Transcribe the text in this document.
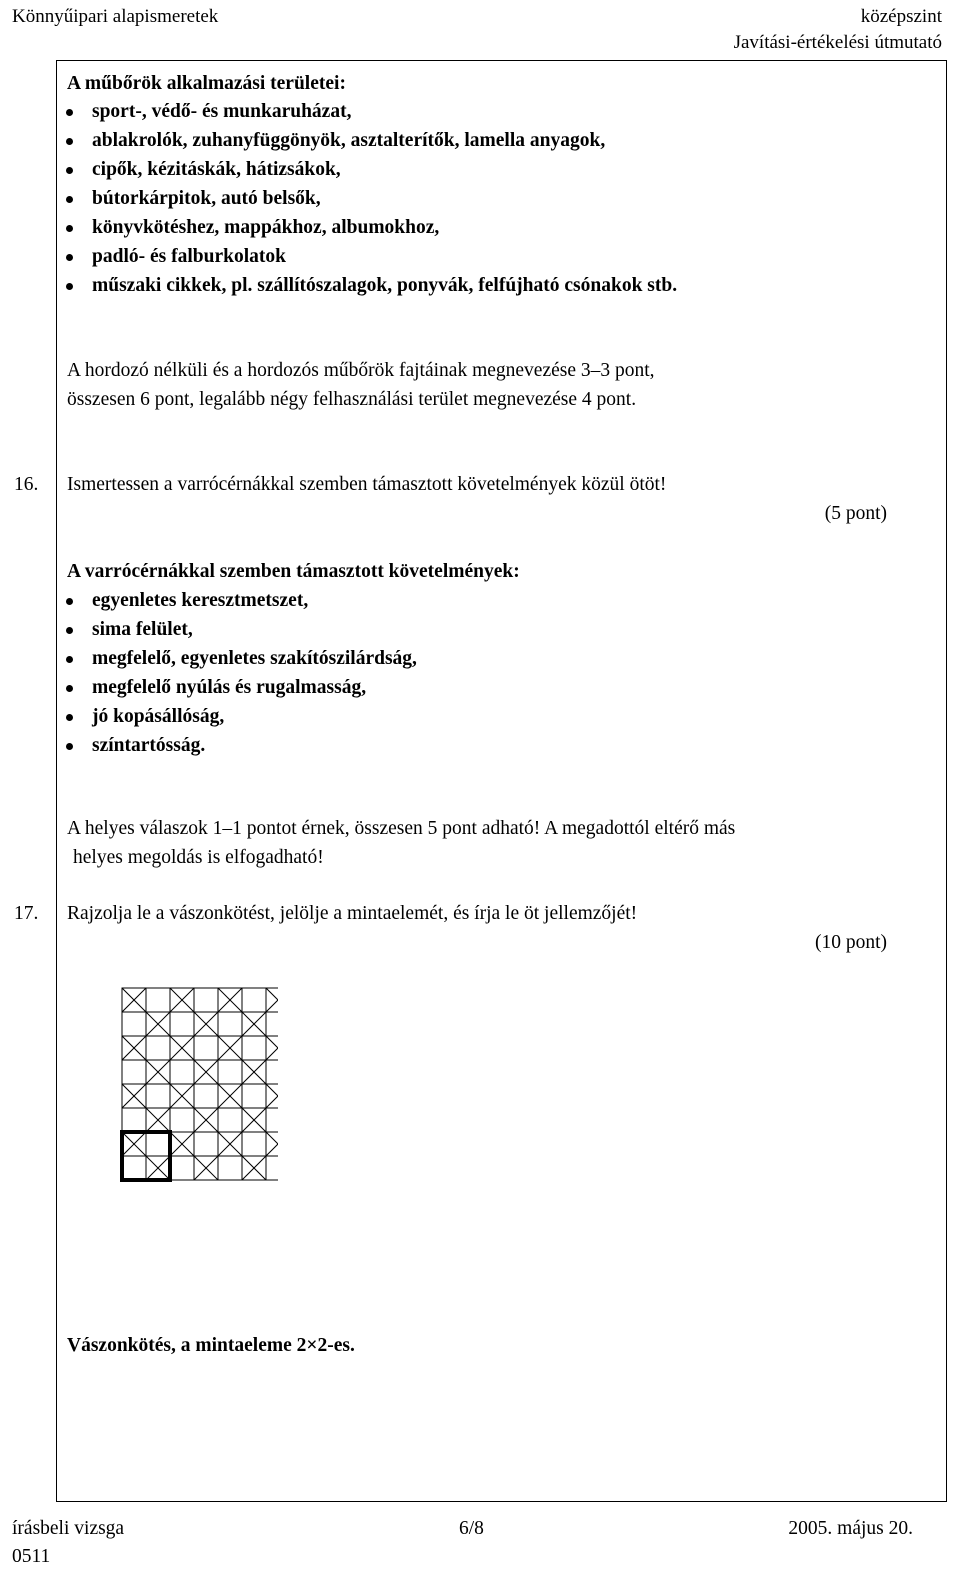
Könnyűipari alapismeretek	középszint
Javítási-értékelési útmutató
A műbőrök alkalmazási területei:
sport-, védő- és munkaruházat,
ablakrolók, zuhanyfüggönyök, asztalterítők, lamella anyagok,
cipők, kézitáskák, hátizsákok,
bútorkárpitok, autó belsők,
könyvkötéshez, mappákhoz, albumokhoz,
padló- és falburkolatok
műszaki cikkek, pl. szállítószalagok, ponyvák, felfújható csónakok stb.
A hordozó nélküli és a hordozós műbőrök fajtáinak megnevezése 3–3 pont,
összesen 6 pont, legalább négy felhasználási terület megnevezése 4 pont.
16. Ismertessen a varrócérnákkal szemben támasztott követelmények közül ötöt!
(5 pont)
A varrócérnákkal szemben támasztott követelmények:
egyenletes keresztmetszet,
sima felület,
megfelelő, egyenletes szakítószilárdság,
megfelelő nyúlás és rugalmasság,
jó kopásállóság,
színtartósság.
A helyes válaszok 1–1 pontot érnek, összesen 5 pont adható! A megadottól eltérő más
helyes megoldás is elfogadható!
17. Rajzolja le a vászonkötést, jelölje a mintaelemét, és írja le öt jellemzőjét!
(10 pont)
Vászonkötés, a mintaeleme 2×2-es.
írásbeli vizsga
0511
6/8	2005. május 20.
